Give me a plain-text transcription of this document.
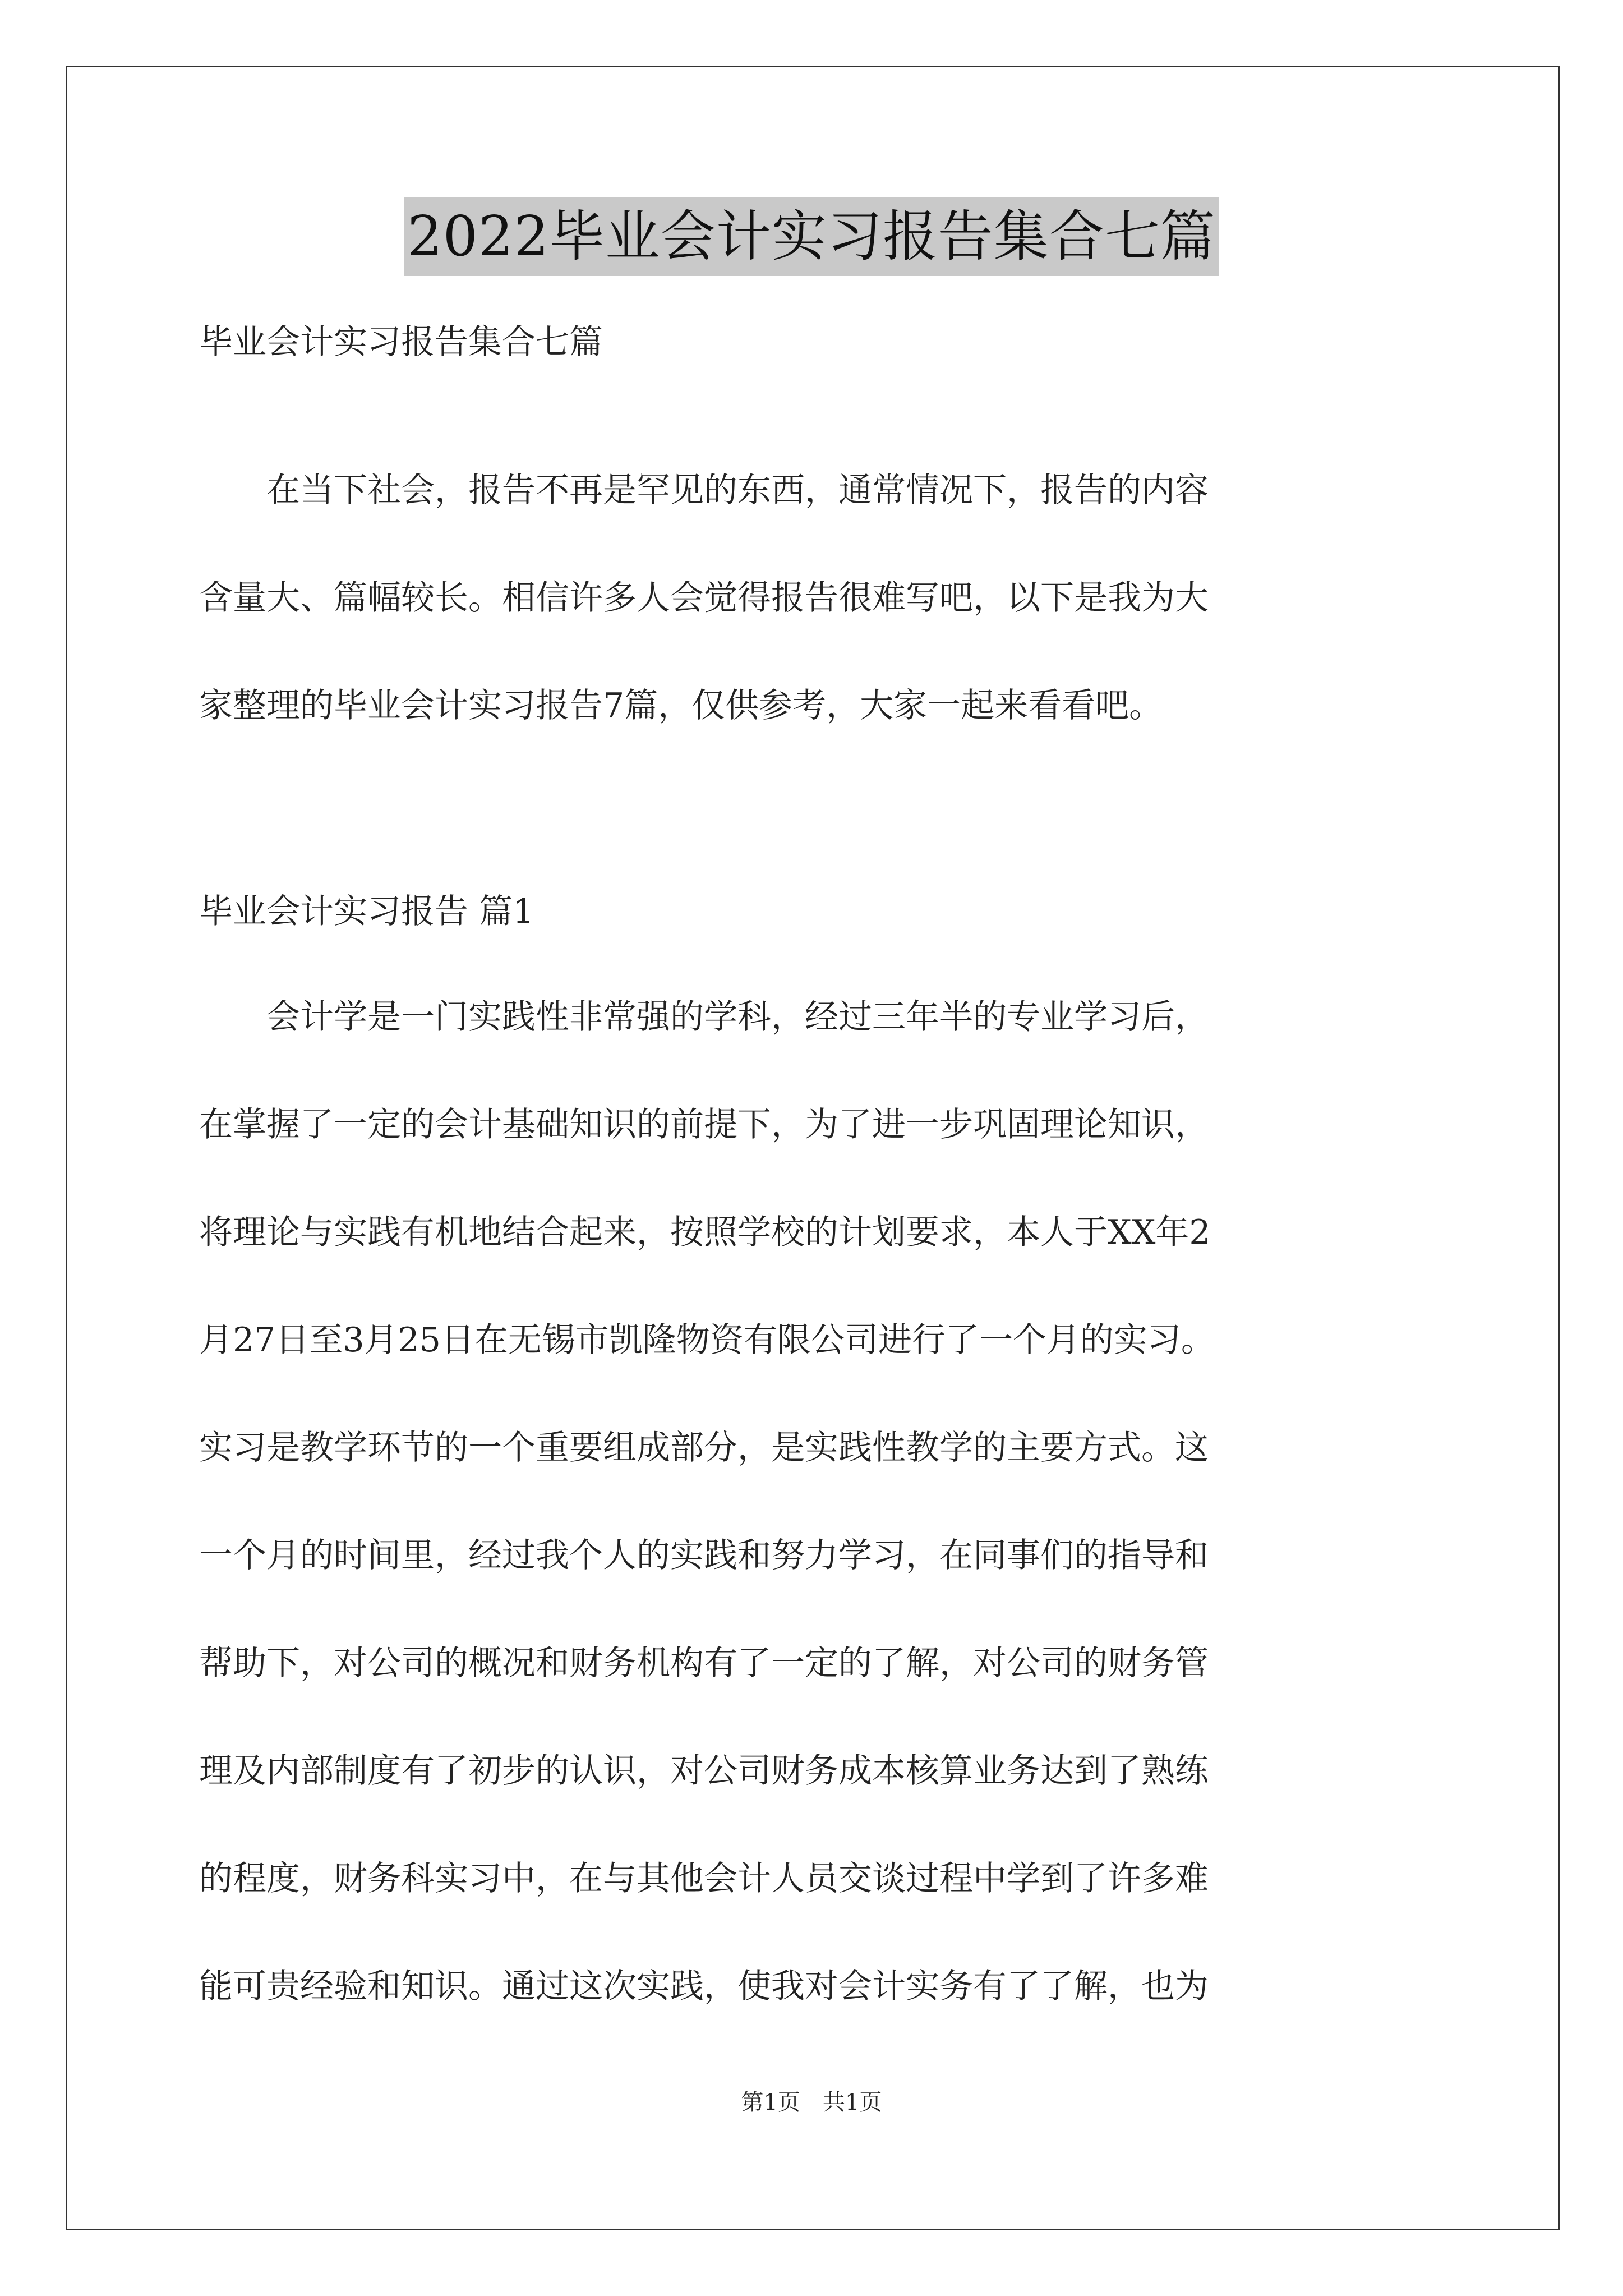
2022毕业会计实习报告集合七篇
毕业会计实习报告集合七篇
在当下社会，报告不再是罕见的东西，通常情况下，报告的内容
含量大、篇幅较长。相信许多人会觉得报告很难写吧，以下是我为大
家整理的毕业会计实习报告7篇，仅供参考，大家一起来看看吧。
毕业会计实习报告 篇1
会计学是一门实践性非常强的学科，经过三年半的专业学习后，
在掌握了一定的会计基础知识的前提下，为了进一步巩固理论知识，
将理论与实践有机地结合起来，按照学校的计划要求，本人于XX年2
月27日至3月25日在无锡市凯隆物资有限公司进行了一个月的实习。
实习是教学环节的一个重要组成部分，是实践性教学的主要方式。这
一个月的时间里，经过我个人的实践和努力学习，在同事们的指导和
帮助下，对公司的概况和财务机构有了一定的了解，对公司的财务管
理及内部制度有了初步的认识，对公司财务成本核算业务达到了熟练
的程度，财务科实习中，在与其他会计人员交谈过程中学到了许多难
能可贵经验和知识。通过这次实践，使我对会计实务有了了解，也为
第1页　共1页
